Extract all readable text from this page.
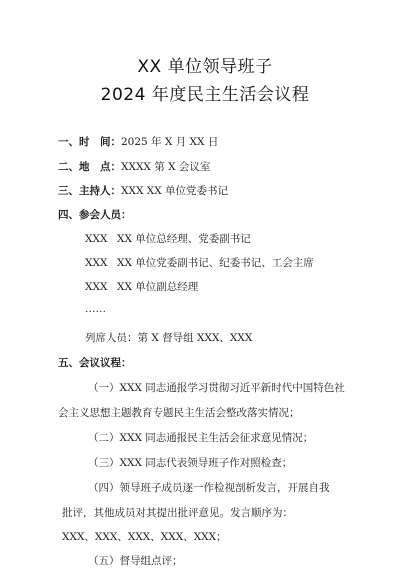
XX 单位领导班子
2024 年度民主生活会议程
一、时　间：2025 年 X 月 XX 日
二、地　点：XXXX 第 X 会议室
三、主持人：XXX XX 单位党委书记
四、参会人员：
XXX XX 单位总经理、党委副书记
XXX XX 单位党委副书记、纪委书记、工会主席
XXX XX 单位副总经理
……
列席人员：第 X 督导组 XXX、XXX
五、会议议程：
（一）XXX 同志通报学习贯彻习近平新时代中国特色社
会主义思想主题教育专题民主生活会整改落实情况；
（二）XXX 同志通报民主生活会征求意见情况；
（三）XXX 同志代表领导班子作对照检查；
（四）领导班子成员逐一作检视剖析发言，开展自我
批评，其他成员对其提出批评意见。发言顺序为：
XXX、XXX、XXX、XXX、XXX；
（五）督导组点评；
